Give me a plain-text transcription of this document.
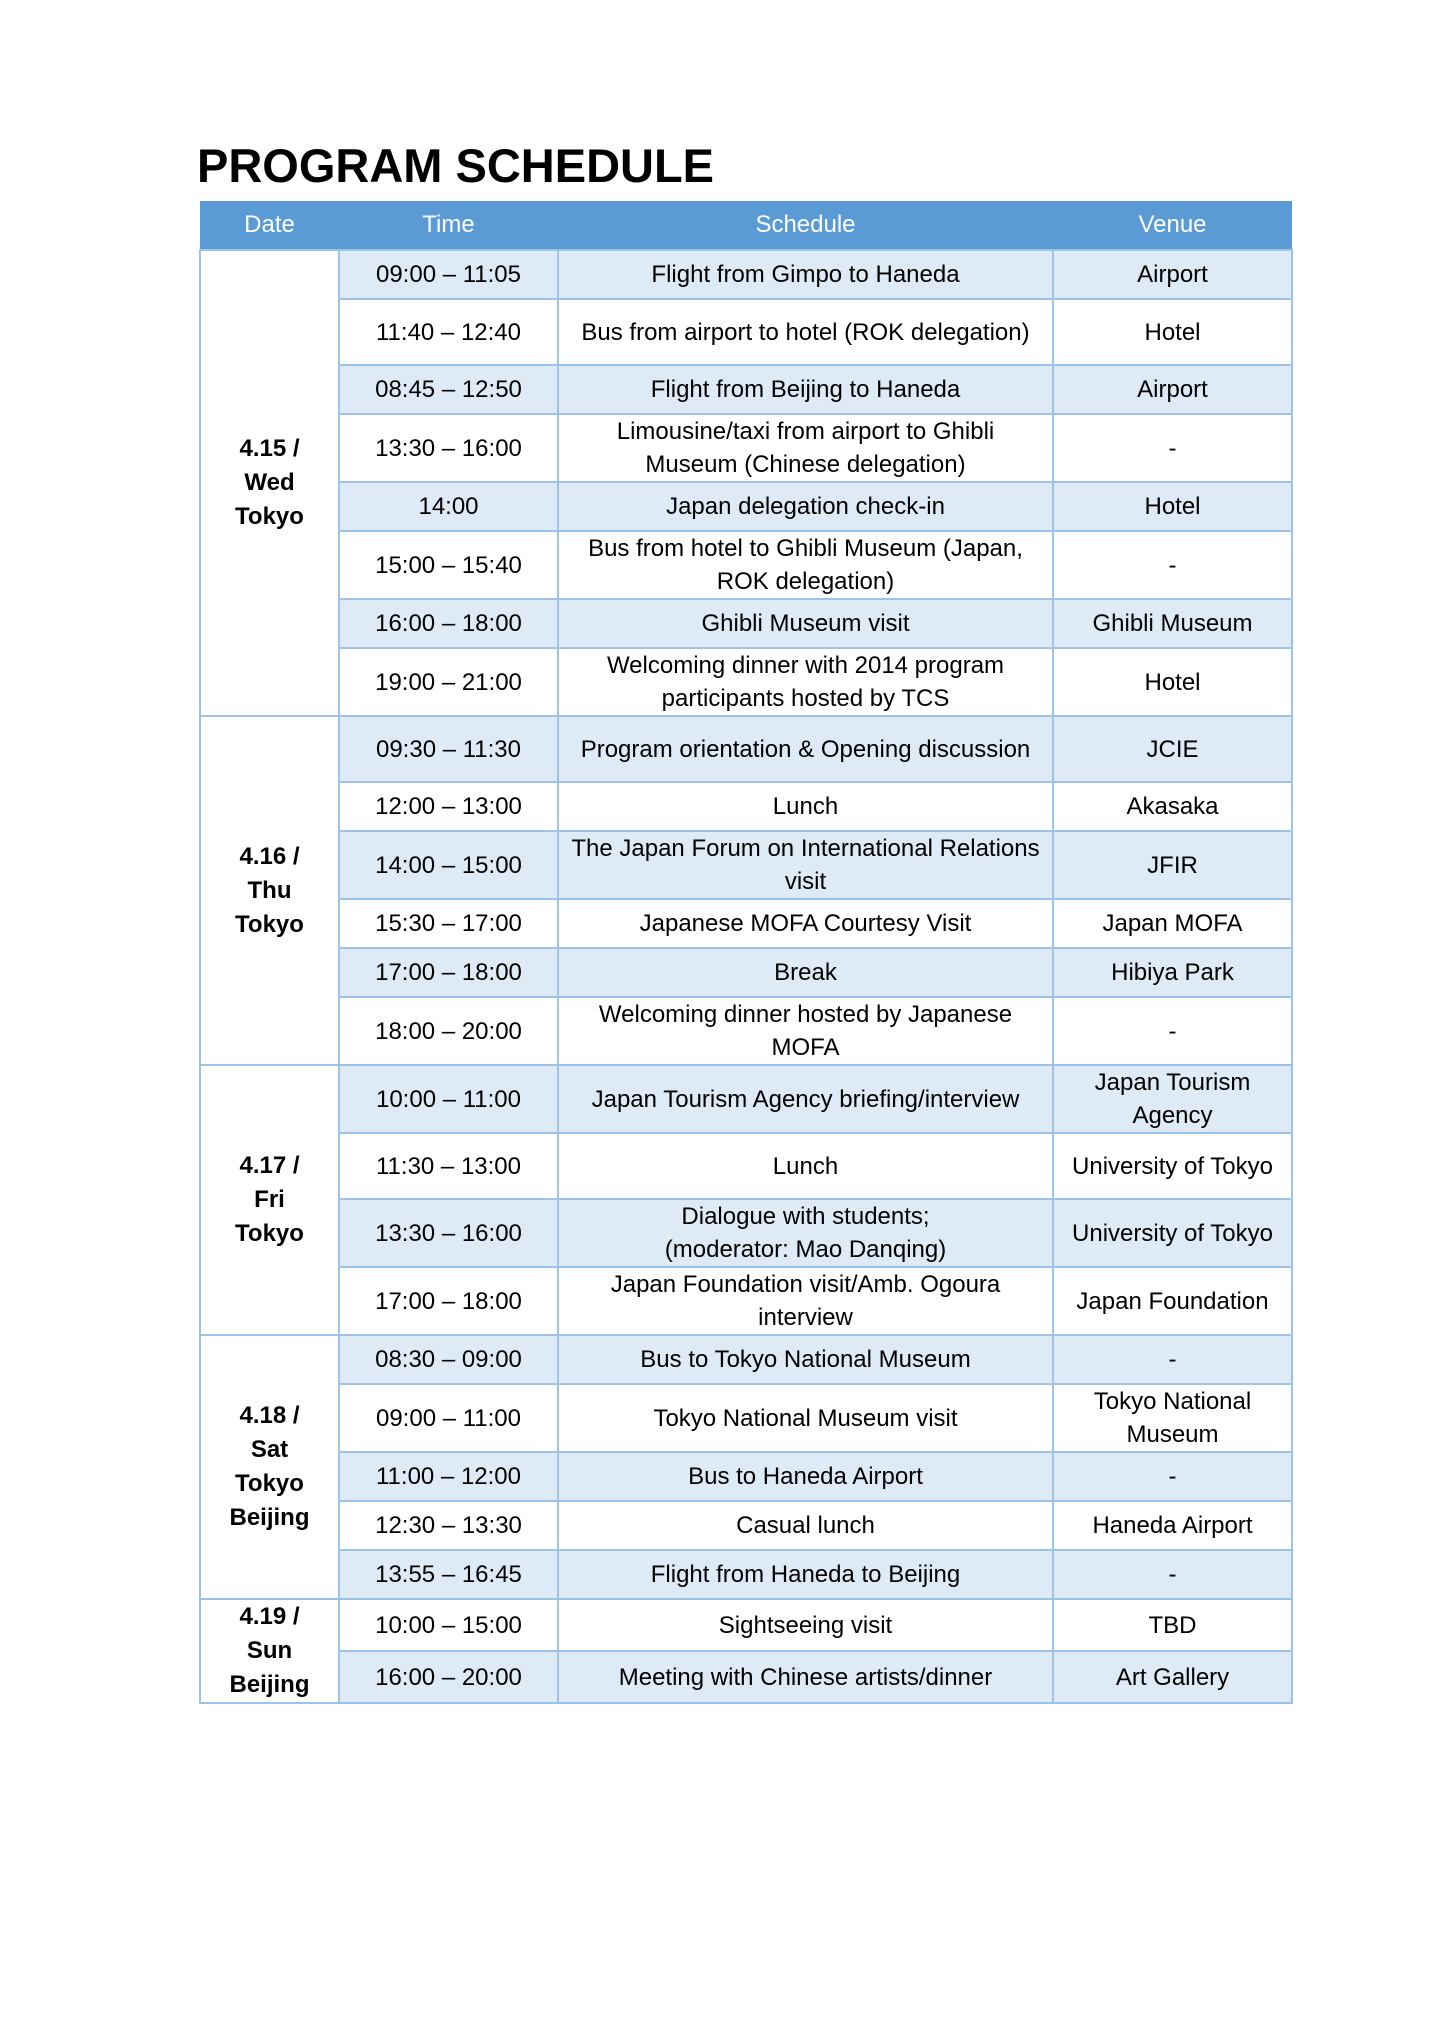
PROGRAM SCHEDULE
Date	Time	Schedule	Venue

4.15 /
Wed
Tokyo	09:00 – 11:05	Flight from Gimpo to Haneda	Airport
	11:40 – 12:40	Bus from airport to hotel (ROK delegation)	Hotel
	08:45 – 12:50	Flight from Beijing to Haneda	Airport
	13:30 – 16:00	Limousine/taxi from airport to Ghibli Museum (Chinese delegation)	-
	14:00	Japan delegation check-in	Hotel
	15:00 – 15:40	Bus from hotel to Ghibli Museum (Japan, ROK delegation)	-
	16:00 – 18:00	Ghibli Museum visit	Ghibli Museum
	19:00 – 21:00	Welcoming dinner with 2014 program participants hosted by TCS	Hotel

4.16 /
Thu
Tokyo	09:30 – 11:30	Program orientation & Opening discussion	JCIE
	12:00 – 13:00	Lunch	Akasaka
	14:00 – 15:00	The Japan Forum on International Relations visit	JFIR
	15:30 – 17:00	Japanese MOFA Courtesy Visit	Japan MOFA
	17:00 – 18:00	Break	Hibiya Park
	18:00 – 20:00	Welcoming dinner hosted by Japanese MOFA	-

4.17 /
Fri
Tokyo	10:00 – 11:00	Japan Tourism Agency briefing/interview	Japan Tourism Agency
	11:30 – 13:00	Lunch	University of Tokyo
	13:30 – 16:00	Dialogue with students;
(moderator: Mao Danqing)	University of Tokyo
	17:00 – 18:00	Japan Foundation visit/Amb. Ogoura interview	Japan Foundation

4.18 /
Sat
Tokyo
Beijing	08:30 – 09:00	Bus to Tokyo National Museum	-
	09:00 – 11:00	Tokyo National Museum visit	Tokyo National Museum
	11:00 – 12:00	Bus to Haneda Airport	-
	12:30 – 13:30	Casual lunch	Haneda Airport
	13:55 – 16:45	Flight from Haneda to Beijing	-

4.19 /
Sun
Beijing	10:00 – 15:00	Sightseeing visit	TBD
	16:00 – 20:00	Meeting with Chinese artists/dinner	Art Gallery
